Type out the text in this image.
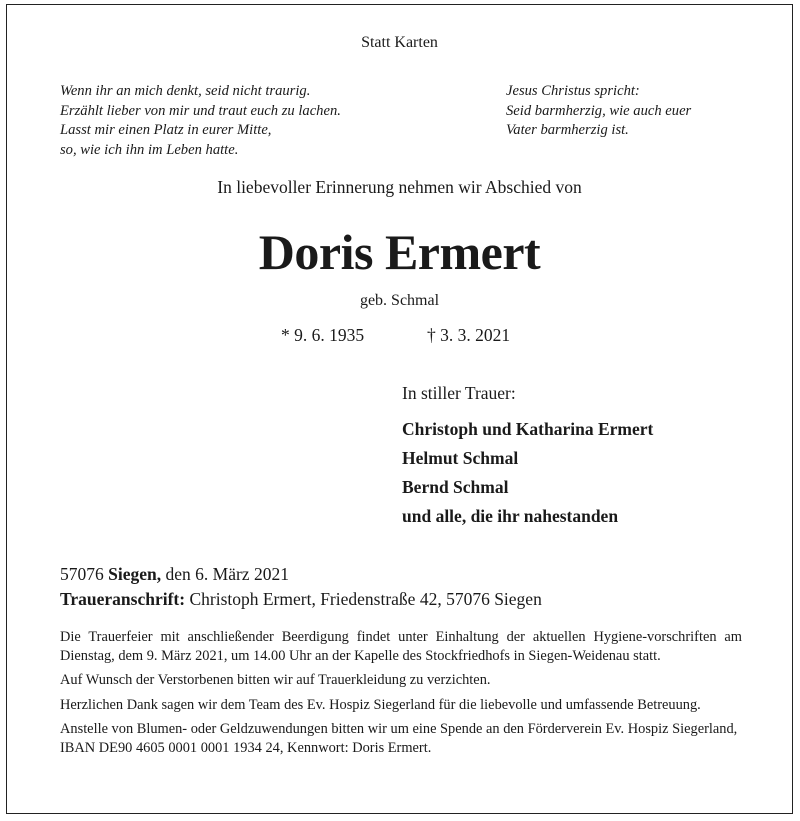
Statt Karten
Wenn ihr an mich denkt, seid nicht traurig.
Erzählt lieber von mir und traut euch zu lachen.
Lasst mir einen Platz in eurer Mitte,
so, wie ich ihn im Leben hatte.
Jesus Christus spricht:
Seid barmherzig, wie auch euer
Vater barmherzig ist.
In liebevoller Erinnerung nehmen wir Abschied von
Doris Ermert
geb. Schmal
* 9. 6. 1935	† 3. 3. 2021
In stiller Trauer:
Christoph und Katharina Ermert
Helmut Schmal
Bernd Schmal
und alle, die ihr nahestanden
57076 Siegen, den 6. März 2021
Traueranschrift: Christoph Ermert, Friedenstraße 42, 57076 Siegen

Die Trauerfeier mit anschließender Beerdigung findet unter Einhaltung der aktuellen Hygiene-vorschriften am Dienstag, dem 9. März 2021, um 14.00 Uhr an der Kapelle des Stockfriedhofs in Siegen-Weidenau statt.

Auf Wunsch der Verstorbenen bitten wir auf Trauerkleidung zu verzichten.

Herzlichen Dank sagen wir dem Team des Ev. Hospiz Siegerland für die liebevolle und umfassende Betreuung.

Anstelle von Blumen- oder Geldzuwendungen bitten wir um eine Spende an den Förderverein Ev. Hospiz Siegerland, IBAN DE90 4605 0001 0001 1934 24, Kennwort: Doris Ermert.
